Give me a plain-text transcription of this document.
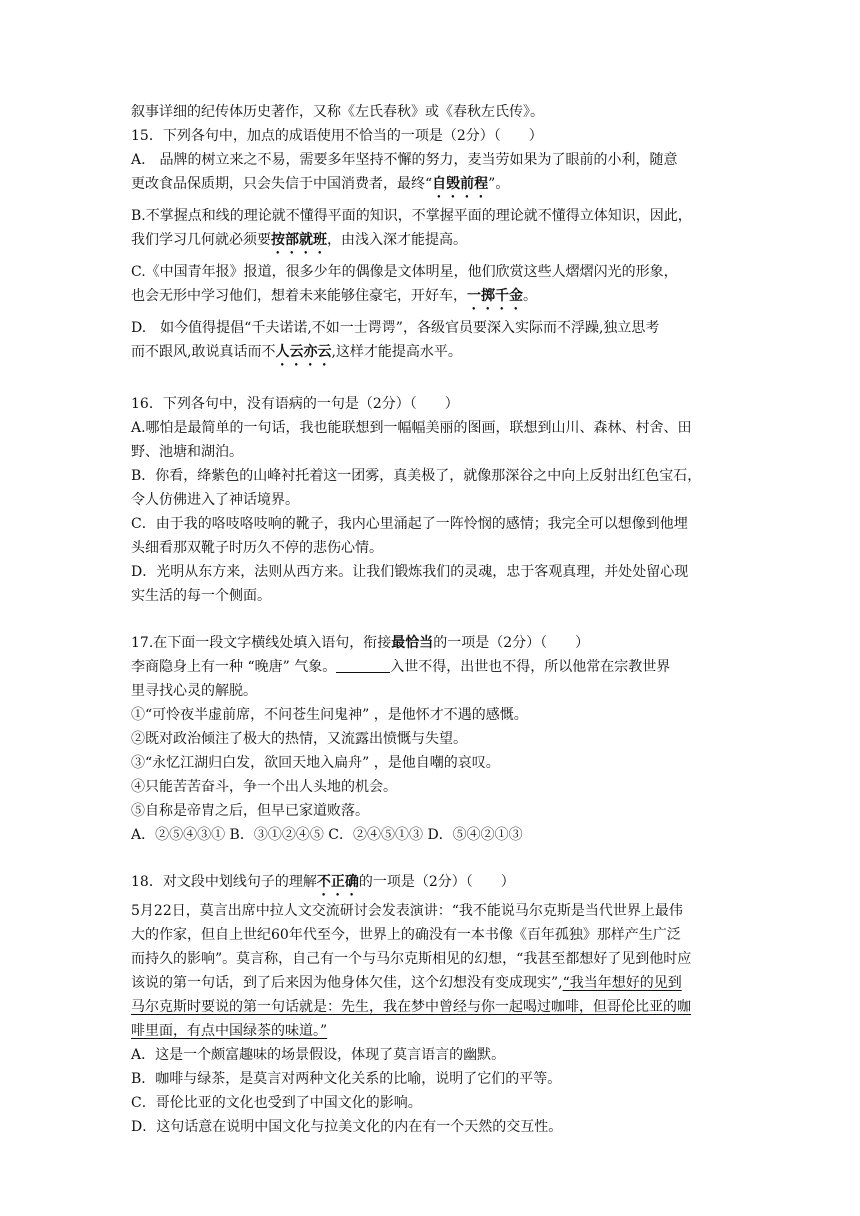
叙事详细的纪传体历史著作，又称《左氏春秋》或《春秋左氏传》。
15．下列各句中，加点的成语使用不恰当的一项是（2分）（　　）
A.　品牌的树立来之不易，需要多年坚持不懈的努力，麦当劳如果为了眼前的小利，随意
更改食品保质期，只会失信于中国消费者，最终“自毁前程”。
B.不掌握点和线的理论就不懂得平面的知识，不掌握平面的理论就不懂得立体知识，因此，
我们学习几何就必须要按部就班，由浅入深才能提高。
C.《中国青年报》报道，很多少年的偶像是文体明星，他们欣赏这些人熠熠闪光的形象，
也会无形中学习他们，想着未来能够住豪宅，开好车，一掷千金。
D.　如今值得提倡“千夫诺诺,不如一士谔谔”，各级官员要深入实际而不浮躁,独立思考
而不跟风,敢说真话而不人云亦云,这样才能提高水平。
16．下列各句中，没有语病的一句是（2分）（　　）
A.哪怕是最简单的一句话，我也能联想到一幅幅美丽的图画，联想到山川、森林、村舍、田
野、池塘和湖泊。
B．你看，绛紫色的山峰衬托着这一团雾，真美极了，就像那深谷之中向上反射出红色宝石，
令人仿佛进入了神话境界。
C．由于我的咯吱咯吱响的靴子，我内心里涌起了一阵怜悯的感情；我完全可以想像到他埋
头细看那双靴子时历久不停的悲伤心情。
D．光明从东方来，法则从西方来。让我们锻炼我们的灵魂，忠于客观真理，并处处留心现
实生活的每一个侧面。
17.在下面一段文字横线处填入语句，衔接最恰当的一项是（2分）（　　）
李商隐身上有一种 “晚唐” 气象。	入世不得，出世也不得，所以他常在宗教世界
里寻找心灵的解脱。
①“可怜夜半虚前席，不问苍生问鬼神” ，是他怀才不遇的感慨。
②既对政治倾注了极大的热情，又流露出愤慨与失望。
③“永忆江湖归白发，欲回天地入扁舟” ，是他自嘲的哀叹。
④只能苦苦奋斗，争一个出人头地的机会。
⑤自称是帝胄之后，但早已家道败落。
A．②⑤④③① B．③①②④⑤ C．②④⑤①③ D．⑤④②①③
18．对文段中划线句子的理解不正确的一项是（2分）（　　）
5月22日，莫言出席中拉人文交流研讨会发表演讲：“我不能说马尔克斯是当代世界上最伟
大的作家，但自上世纪60年代至今，世界上的确没有一本书像《百年孤独》那样产生广泛
而持久的影响”。莫言称，自己有一个与马尔克斯相见的幻想，“我甚至都想好了见到他时应
该说的第一句话，到了后来因为他身体欠佳，这个幻想没有变成现实”,“我当年想好的见到
马尔克斯时要说的第一句话就是：先生，我在梦中曾经与你一起喝过咖啡，但哥伦比亚的咖
啡里面，有点中国绿茶的味道。”
A．这是一个颇富趣味的场景假设，体现了莫言语言的幽默。
B．咖啡与绿茶，是莫言对两种文化关系的比喻，说明了它们的平等。
C．哥伦比亚的文化也受到了中国文化的影响。
D．这句话意在说明中国文化与拉美文化的内在有一个天然的交互性。
